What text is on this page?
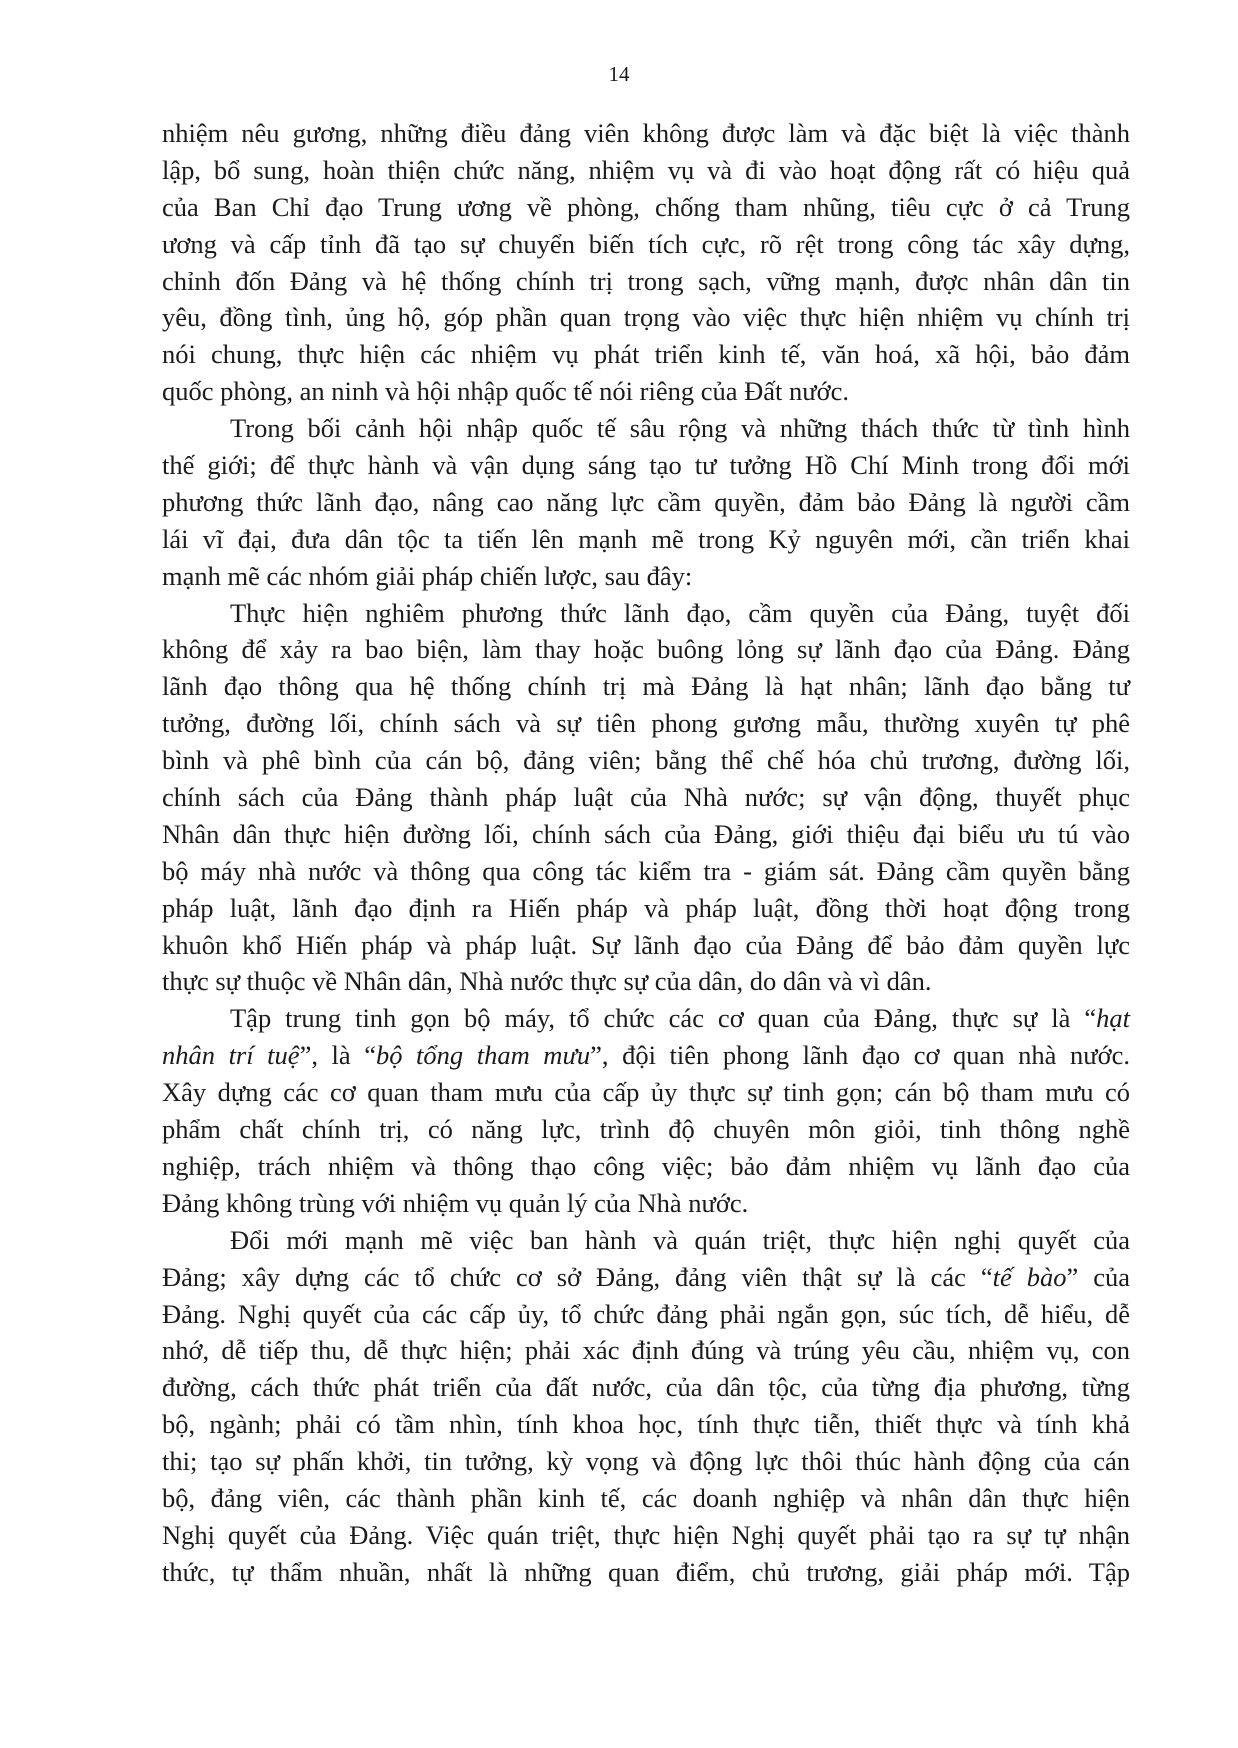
14
nhiệm nêu gương, những điều đảng viên không được làm và đặc biệt là việc thành
lập, bổ sung, hoàn thiện chức năng, nhiệm vụ và đi vào hoạt động rất có hiệu quả
của Ban Chỉ đạo Trung ương về phòng, chống tham nhũng, tiêu cực ở cả Trung
ương và cấp tỉnh đã tạo sự chuyển biến tích cực, rõ rệt trong công tác xây dựng,
chỉnh đốn Đảng và hệ thống chính trị trong sạch, vững mạnh, được nhân dân tin
yêu, đồng tình, ủng hộ, góp phần quan trọng vào việc thực hiện nhiệm vụ chính trị
nói chung, thực hiện các nhiệm vụ phát triển kinh tế, văn hoá, xã hội, bảo đảm
quốc phòng, an ninh và hội nhập quốc tế nói riêng của Đất nước.
Trong bối cảnh hội nhập quốc tế sâu rộng và những thách thức từ tình hình
thế giới; để thực hành và vận dụng sáng tạo tư tưởng Hồ Chí Minh trong đổi mới
phương thức lãnh đạo, nâng cao năng lực cầm quyền, đảm bảo Đảng là người cầm
lái vĩ đại, đưa dân tộc ta tiến lên mạnh mẽ trong Kỷ nguyên mới, cần triển khai
mạnh mẽ các nhóm giải pháp chiến lược, sau đây:
Thực hiện nghiêm phương thức lãnh đạo, cầm quyền của Đảng, tuyệt đối
không để xảy ra bao biện, làm thay hoặc buông lỏng sự lãnh đạo của Đảng. Đảng
lãnh đạo thông qua hệ thống chính trị mà Đảng là hạt nhân; lãnh đạo bằng tư
tưởng, đường lối, chính sách và sự tiên phong gương mẫu, thường xuyên tự phê
bình và phê bình của cán bộ, đảng viên; bằng thể chế hóa chủ trương, đường lối,
chính sách của Đảng thành pháp luật của Nhà nước; sự vận động, thuyết phục
Nhân dân thực hiện đường lối, chính sách của Đảng, giới thiệu đại biểu ưu tú vào
bộ máy nhà nước và thông qua công tác kiểm tra - giám sát. Đảng cầm quyền bằng
pháp luật, lãnh đạo định ra Hiến pháp và pháp luật, đồng thời hoạt động trong
khuôn khổ Hiến pháp và pháp luật. Sự lãnh đạo của Đảng để bảo đảm quyền lực
thực sự thuộc về Nhân dân, Nhà nước thực sự của dân, do dân và vì dân.
Tập trung tinh gọn bộ máy, tổ chức các cơ quan của Đảng, thực sự là “hạt
nhân trí tuệ”, là “bộ tổng tham mưu”, đội tiên phong lãnh đạo cơ quan nhà nước.
Xây dựng các cơ quan tham mưu của cấp ủy thực sự tinh gọn; cán bộ tham mưu có
phẩm chất chính trị, có năng lực, trình độ chuyên môn giỏi, tinh thông nghề
nghiệp, trách nhiệm và thông thạo công việc; bảo đảm nhiệm vụ lãnh đạo của
Đảng không trùng với nhiệm vụ quản lý của Nhà nước.
Đổi mới mạnh mẽ việc ban hành và quán triệt, thực hiện nghị quyết của
Đảng; xây dựng các tổ chức cơ sở Đảng, đảng viên thật sự là các “tế bào” của
Đảng. Nghị quyết của các cấp ủy, tổ chức đảng phải ngắn gọn, súc tích, dễ hiểu, dễ
nhớ, dễ tiếp thu, dễ thực hiện; phải xác định đúng và trúng yêu cầu, nhiệm vụ, con
đường, cách thức phát triển của đất nước, của dân tộc, của từng địa phương, từng
bộ, ngành; phải có tầm nhìn, tính khoa học, tính thực tiễn, thiết thực và tính khả
thi; tạo sự phấn khởi, tin tưởng, kỳ vọng và động lực thôi thúc hành động của cán
bộ, đảng viên, các thành phần kinh tế, các doanh nghiệp và nhân dân thực hiện
Nghị quyết của Đảng. Việc quán triệt, thực hiện Nghị quyết phải tạo ra sự tự nhận
thức, tự thẩm nhuần, nhất là những quan điểm, chủ trương, giải pháp mới. Tập
